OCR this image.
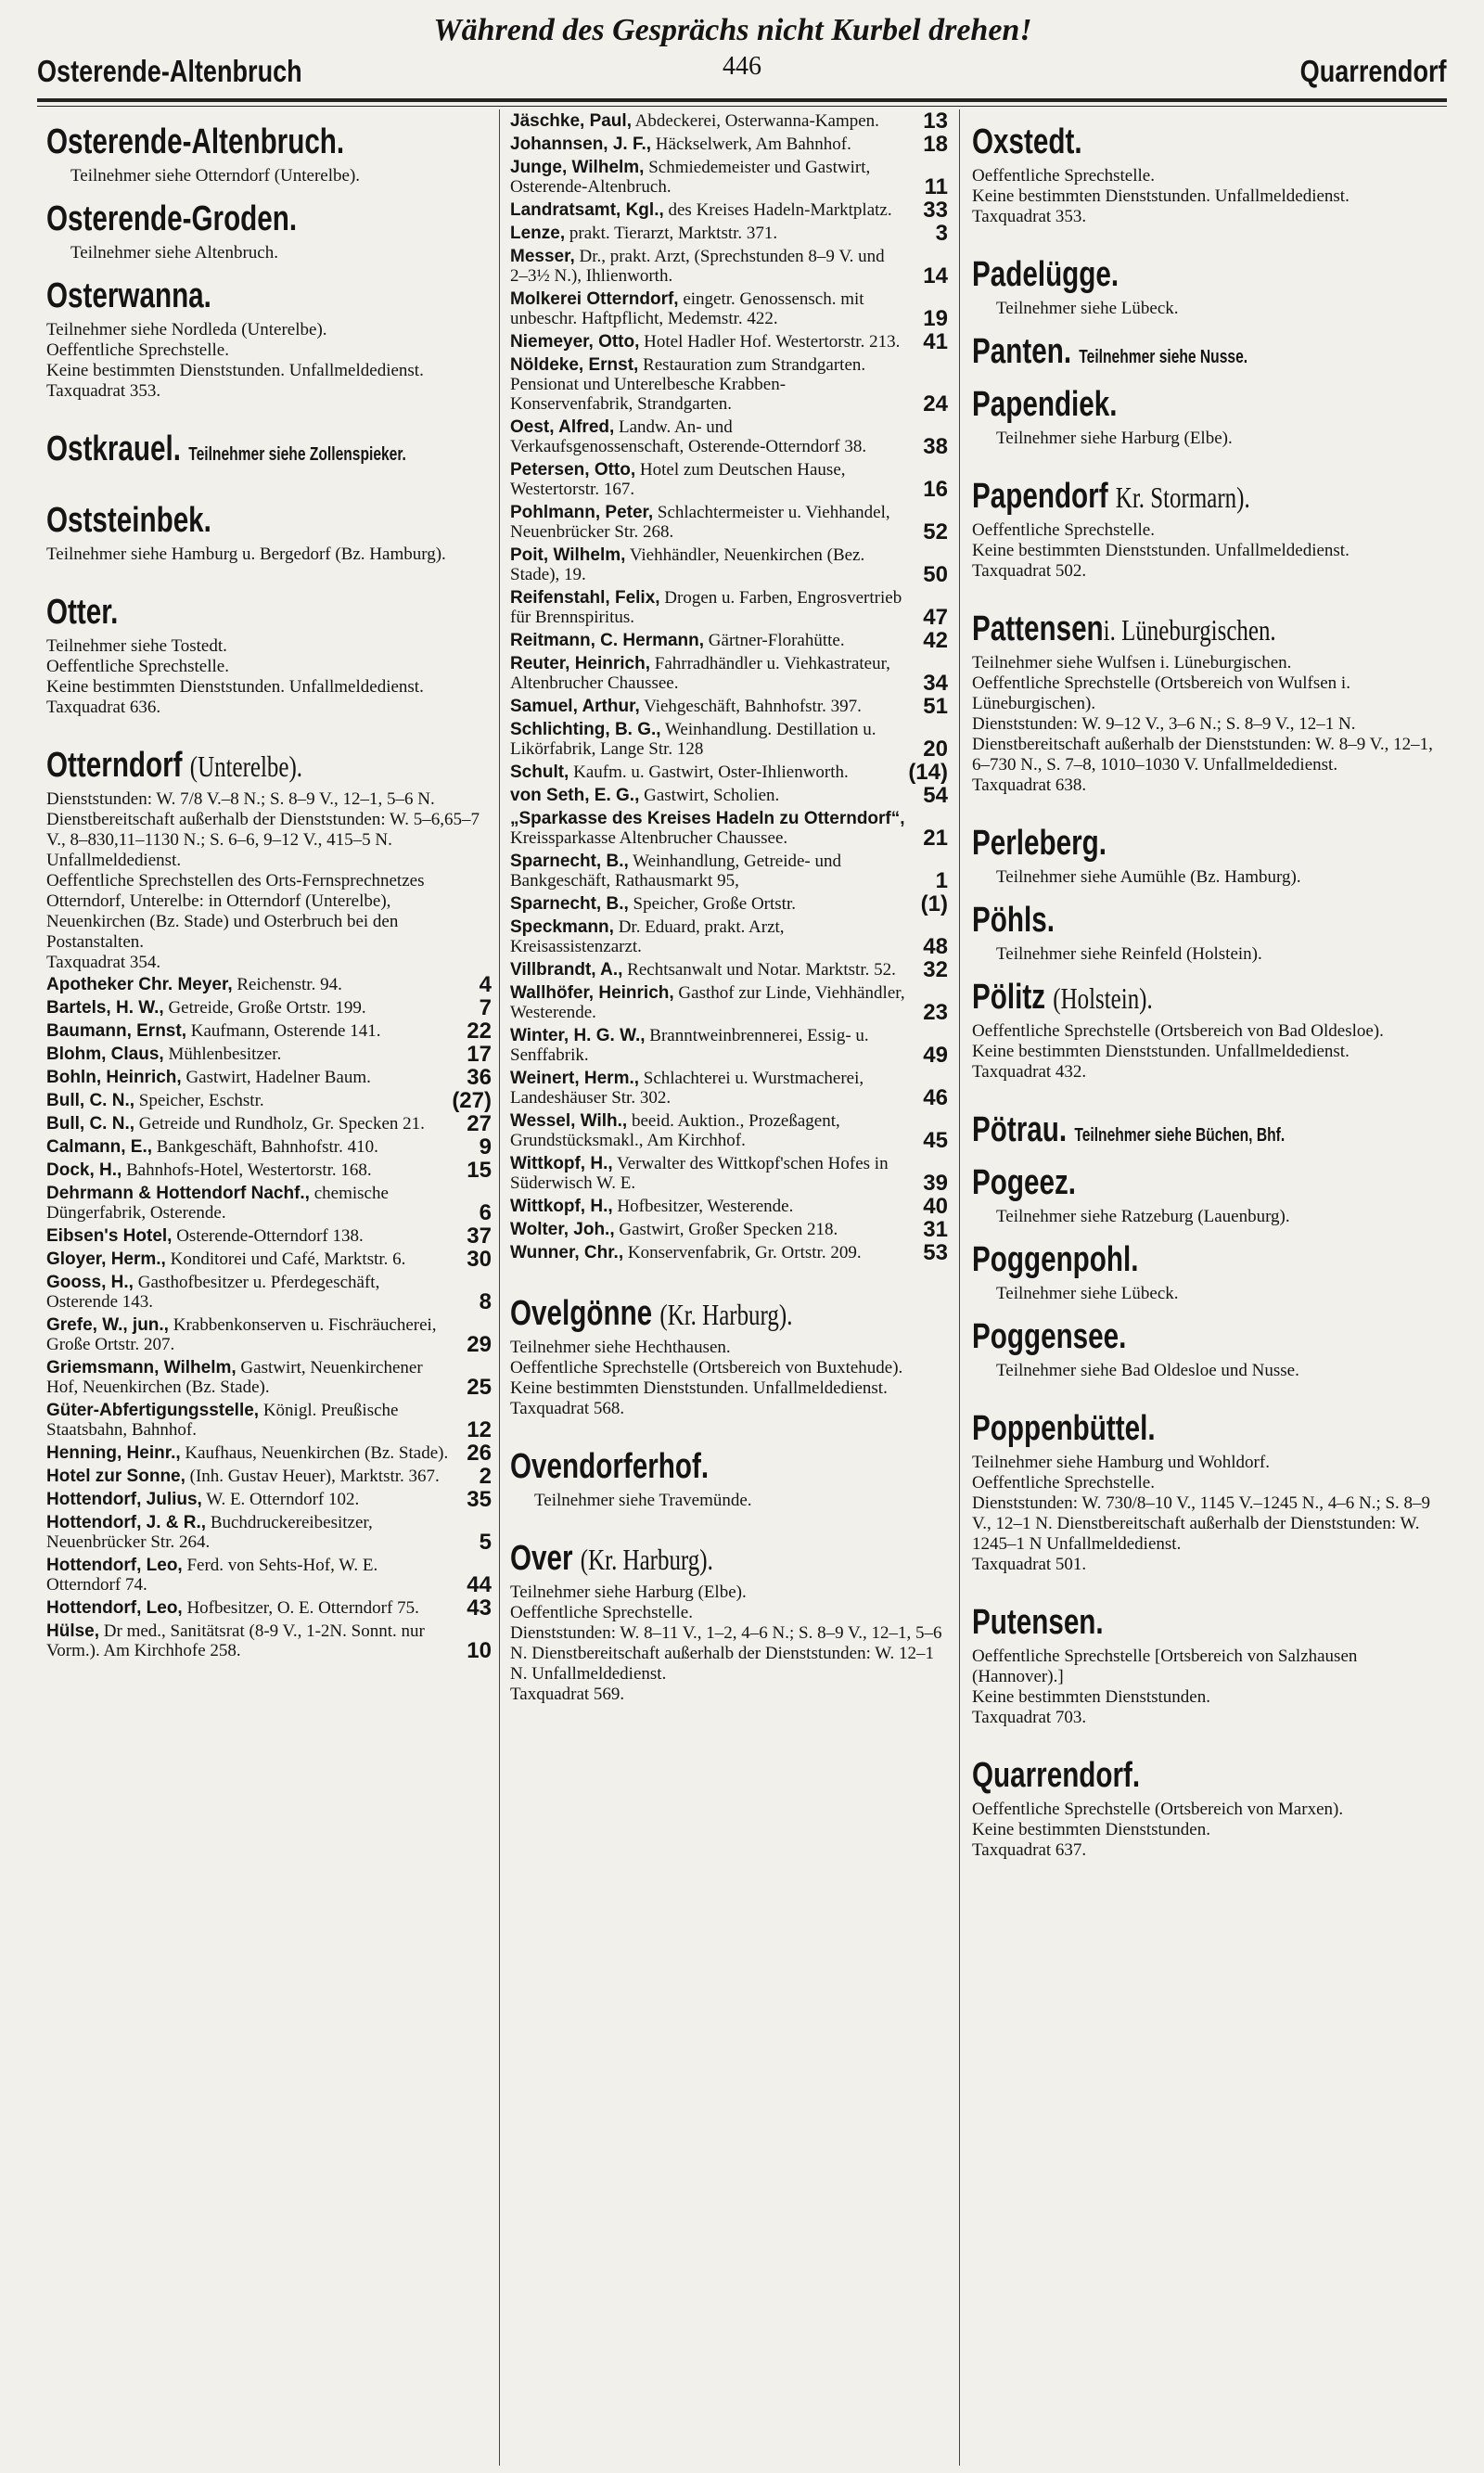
Osterende-Altenbruch
Während des Gesprächs nicht Kurbel drehen!
446	Quarrendorf
Osterende-Altenbruch.

Teilnehmer siehe Otterndorf (Unterelbe).

Osterende-Groden.

Teilnehmer siehe Altenbruch.

Osterwanna.

Teilnehmer siehe Nordleda (Unterelbe).

Oeffentliche Sprechstelle.

Keine bestimmten Dienststunden. Unfallmeldedienst.

Taxquadrat 353.

Ostkrauel. Teilnehmer siehe Zollenspieker.
Oststeinbek.

Teilnehmer siehe Hamburg u. Bergedorf (Bz. Hamburg).

Otter.

Teilnehmer siehe Tostedt.

Oeffentliche Sprechstelle.

Keine bestimmten Dienststunden. Unfallmeldedienst.

Taxquadrat 636.

Otterndorf (Unterelbe).

Dienststunden: W. 7/8 V.–8 N.; S. 8–9 V., 12–1, 5–6 N.

Dienstbereitschaft außerhalb der Dienststunden: W. 5–6,65–7 V., 8–830,11–1130 N.; S. 6–6, 9–12 V., 415–5 N. Unfallmeldedienst.

Oeffentliche Sprechstellen des Orts-Fernsprechnetzes Otterndorf, Unterelbe: in Otterndorf (Unterelbe), Neuenkirchen (Bz. Stade) und Osterbruch bei den Postanstalten.

Taxquadrat 354.

Apotheker Chr. Meyer, Reichenstr. 94.	4
Bartels, H. W., Getreide, Große Ortstr. 199.	7
Baumann, Ernst, Kaufmann, Osterende 141.	22
Blohm, Claus, Mühlenbesitzer.	17
Bohln, Heinrich, Gastwirt, Hadelner Baum.	36
Bull, C. N., Speicher, Eschstr.	(27)
Bull, C. N., Getreide und Rundholz, Gr. Specken 21. 27
Calmann, E., Bankgeschäft, Bahnhofstr. 410.	9
Dock, H., Bahnhofs-Hotel, Westertorstr. 168.	15
Dehrmann & Hottendorf Nachf., chemische Düngerfabrik, Osterende.	6
Eibsen's Hotel, Osterende-Otterndorf 138.	37
Gloyer, Herm., Konditorei und Café, Marktstr. 6.	30
Gooss, H., Gasthofbesitzer u. Pferdegeschäft, Osterende 143.	8
Grefe, W., jun., Krabbenkonserven u. Fischräucherei, Große Ortstr. 207.	29
Griemsmann, Wilhelm, Gastwirt, Neuenkirchener Hof, Neuenkirchen (Bz. Stade).	25
Güter-Abfertigungsstelle, Königl. Preußische Staatsbahn, Bahnhof.	12
Henning, Heinr., Kaufhaus, Neuenkirchen (Bz. Stade). 26
Hotel zur Sonne, (Inh. Gustav Heuer), Marktstr. 367. 2
Hottendorf, Julius, W. E. Otterndorf 102.	35
Hottendorf, J. & R., Buchdruckereibesitzer, Neuenbrücker Str. 264.	5
Hottendorf, Leo, Ferd. von Sehts-Hof, W. E. Otterndorf 74.	44
Hottendorf, Leo, Hofbesitzer, O. E. Otterndorf 75. 43
Hülse, Dr med., Sanitätsrat (8-9 V., 1-2N. Sonnt. nur Vorm.). Am Kirchhofe 258.	10
Jäschke, Paul, Abdeckerei, Osterwanna-Kampen. 13
Johannsen, J. F., Häckselwerk, Am Bahnhof.	18
Junge, Wilhelm, Schmiedemeister und Gastwirt, Osterende-Altenbruch.	11
Landratsamt, Kgl., des Kreises Hadeln-Marktplatz. 33
Lenze, prakt. Tierarzt, Marktstr. 371.	3
Messer, Dr., prakt. Arzt, (Sprechstunden 8–9 V. und 2–3½ N.), Ihlienworth.	14
Molkerei Otterndorf, eingetr. Genossensch. mit unbeschr. Haftpflicht, Medemstr. 422.	19
Niemeyer, Otto, Hotel Hadler Hof. Westertorstr. 213. 41
Nöldeke, Ernst, Restauration zum Strandgarten. Pensionat und Unterelbesche Krabben-Konservenfabrik, Strandgarten.	24
Oest, Alfred, Landw. An- und Verkaufsgenossenschaft, Osterende-Otterndorf 38.	38
Petersen, Otto, Hotel zum Deutschen Hause, Westertorstr. 167.	16
Pohlmann, Peter, Schlachtermeister u. Viehhandel, Neuenbrücker Str. 268.	52
Poit, Wilhelm, Viehhändler, Neuenkirchen (Bez. Stade), 19.	50
Reifenstahl, Felix, Drogen u. Farben, Engrosvertrieb für Brennspiritus.	47
Reitmann, C. Hermann, Gärtner-Florahütte.	42
Reuter, Heinrich, Fahrradhändler u. Viehkastrateur, Altenbrucher Chaussee.	34
Samuel, Arthur, Viehgeschäft, Bahnhofstr. 397.	51
Schlichting, B. G., Weinhandlung. Destillation u. Likörfabrik, Lange Str. 128	20
Schult, Kaufm. u. Gastwirt, Oster-Ihlienworth.	(14)
von Seth, E. G., Gastwirt, Scholien.	54
„Sparkasse des Kreises Hadeln zu Otterndorf“, Kreissparkasse Altenbrucher Chaussee.	21
Sparnecht, B., Weinhandlung, Getreide- und Bankgeschäft, Rathausmarkt 95,	1
Sparnecht, B., Speicher, Große Ortstr.	(1)
Speckmann, Dr. Eduard, prakt. Arzt, Kreisassistenzarzt.	48
Villbrandt, A., Rechtsanwalt und Notar. Marktstr. 52. 32
Wallhöfer, Heinrich, Gasthof zur Linde, Viehhändler, Westerende.	23
Winter, H. G. W., Branntweinbrennerei, Essig- u. Senffabrik.	49
Weinert, Herm., Schlachterei u. Wurstmacherei, Landeshäuser Str. 302.	46
Wessel, Wilh., beeid. Auktion., Prozeßagent, Grundstücksmakl., Am Kirchhof.	45
Wittkopf, H., Verwalter des Wittkopf'schen Hofes in Süderwisch W. E.	39
Wittkopf, H., Hofbesitzer, Westerende.	40
Wolter, Joh., Gastwirt, Großer Specken 218.	31
Wunner, Chr., Konservenfabrik, Gr. Ortstr. 209.	53
Ovelgönne (Kr. Harburg).

Teilnehmer siehe Hechthausen.

Oeffentliche Sprechstelle (Ortsbereich von Buxtehude).

Keine bestimmten Dienststunden. Unfallmeldedienst.

Taxquadrat 568.

Ovendorferhof.

Teilnehmer siehe Travemünde.

Over (Kr. Harburg).

Teilnehmer siehe Harburg (Elbe).

Oeffentliche Sprechstelle.

Dienststunden: W. 8–11 V., 1–2, 4–6 N.; S. 8–9 V., 12–1, 5–6 N. Dienstbereitschaft außerhalb der Dienststunden: W. 12–1 N. Unfallmeldedienst.

Taxquadrat 569.

Oxstedt.

Oeffentliche Sprechstelle.

Keine bestimmten Dienststunden. Unfallmeldedienst.

Taxquadrat 353.

Padelügge.

Teilnehmer siehe Lübeck.

Panten. Teilnehmer siehe Nusse.
Papendiek.

Teilnehmer siehe Harburg (Elbe).

Papendorf Kr. Stormarn).

Oeffentliche Sprechstelle.

Keine bestimmten Dienststunden. Unfallmeldedienst.

Taxquadrat 502.

Pattenseni. Lüneburgischen.

Teilnehmer siehe Wulfsen i. Lüneburgischen.

Oeffentliche Sprechstelle (Ortsbereich von Wulfsen i. Lüneburgischen).

Dienststunden: W. 9–12 V., 3–6 N.; S. 8–9 V., 12–1 N.

Dienstbereitschaft außerhalb der Dienststunden: W. 8–9 V., 12–1, 6–730 N., S. 7–8, 1010–1030 V. Unfallmeldedienst.

Taxquadrat 638.

Perleberg.

Teilnehmer siehe Aumühle (Bz. Hamburg).

Pöhls.

Teilnehmer siehe Reinfeld (Holstein).

Pölitz (Holstein).

Oeffentliche Sprechstelle (Ortsbereich von Bad Oldesloe).

Keine bestimmten Dienststunden. Unfallmeldedienst.

Taxquadrat 432.

Pötrau. Teilnehmer siehe Büchen, Bhf.
Pogeez.

Teilnehmer siehe Ratzeburg (Lauenburg).

Poggenpohl.

Teilnehmer siehe Lübeck.

Poggensee.

Teilnehmer siehe Bad Oldesloe und Nusse.

Poppenbüttel.

Teilnehmer siehe Hamburg und Wohldorf.

Oeffentliche Sprechstelle.

Dienststunden: W. 730/8–10 V., 1145 V.–1245 N., 4–6 N.; S. 8–9 V., 12–1 N. Dienstbereitschaft außerhalb der Dienststunden: W. 1245–1 N Unfallmeldedienst.

Taxquadrat 501.

Putensen.

Oeffentliche Sprechstelle [Ortsbereich von Salzhausen (Hannover).]

Keine bestimmten Dienststunden.

Taxquadrat 703.

Quarrendorf.

Oeffentliche Sprechstelle (Ortsbereich von Marxen).

Keine bestimmten Dienststunden.

Taxquadrat 637.
